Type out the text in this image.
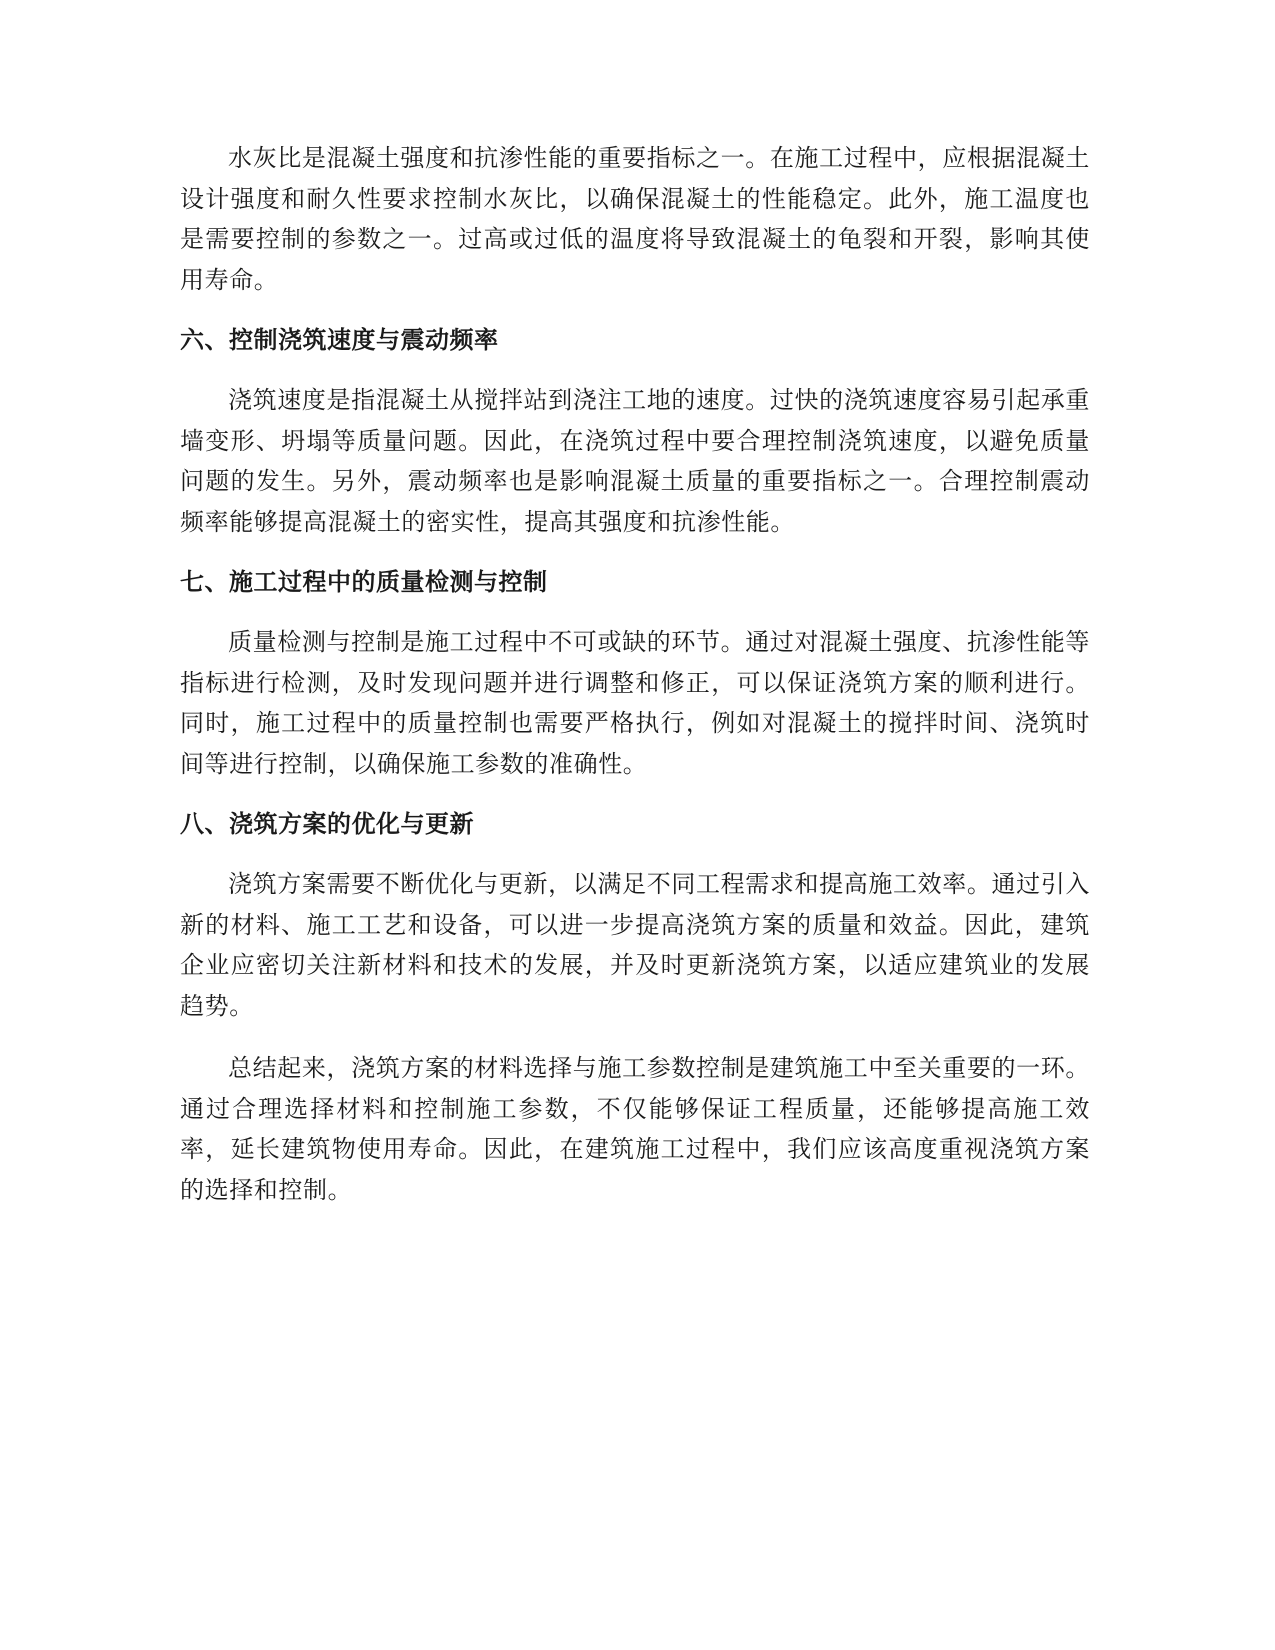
水灰比是混凝土强度和抗渗性能的重要指标之一。在施工过程中，应根据混凝土设计强度和耐久性要求控制水灰比，以确保混凝土的性能稳定。此外，施工温度也是需要控制的参数之一。过高或过低的温度将导致混凝土的龟裂和开裂，影响其使用寿命。

六、控制浇筑速度与震动频率

浇筑速度是指混凝土从搅拌站到浇注工地的速度。过快的浇筑速度容易引起承重墙变形、坍塌等质量问题。因此，在浇筑过程中要合理控制浇筑速度，以避免质量问题的发生。另外，震动频率也是影响混凝土质量的重要指标之一。合理控制震动频率能够提高混凝土的密实性，提高其强度和抗渗性能。

七、施工过程中的质量检测与控制

质量检测与控制是施工过程中不可或缺的环节。通过对混凝土强度、抗渗性能等指标进行检测，及时发现问题并进行调整和修正，可以保证浇筑方案的顺利进行。同时，施工过程中的质量控制也需要严格执行，例如对混凝土的搅拌时间、浇筑时间等进行控制，以确保施工参数的准确性。

八、浇筑方案的优化与更新

浇筑方案需要不断优化与更新，以满足不同工程需求和提高施工效率。通过引入新的材料、施工工艺和设备，可以进一步提高浇筑方案的质量和效益。因此，建筑企业应密切关注新材料和技术的发展，并及时更新浇筑方案，以适应建筑业的发展趋势。

总结起来，浇筑方案的材料选择与施工参数控制是建筑施工中至关重要的一环。通过合理选择材料和控制施工参数，不仅能够保证工程质量，还能够提高施工效率，延长建筑物使用寿命。因此，在建筑施工过程中，我们应该高度重视浇筑方案的选择和控制。
